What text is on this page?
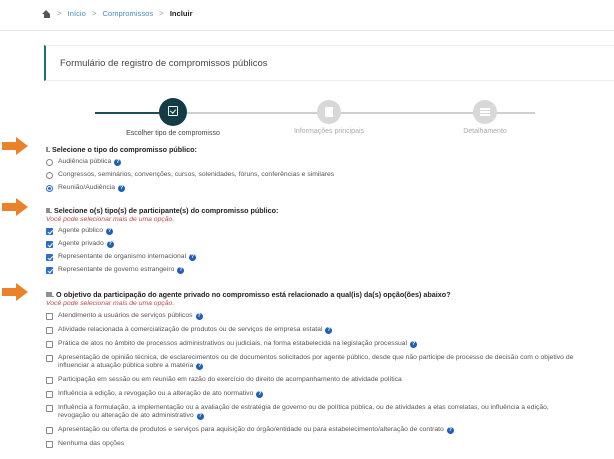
> Início > Compromissos > Incluir
Formulário de registro de compromissos públicos
Escolher tipo de compromisso	Informações principais	Detalhamento
I. Selecione o tipo do compromisso público:
Audiência pública ?
Congressos, seminários, convenções, cursos, solenidades, fóruns, conferências e similares
Reunião/Audiência ?
II. Selecione o(s) tipo(s) de participante(s) do compromisso público:
Você pode selecionar mais de uma opção.
Agente público ?
Agente privado ?
Representante de organismo internacional ?
Representante de governo estrangeiro ?
III. O objetivo da participação do agente privado no compromisso está relacionado a qual(is) da(s) opção(ões) abaixo?
Você pode selecionar mais de uma opção.
Atendimento a usuários de serviços públicos ?
Atividade relacionada à comercialização de produtos ou de serviços de empresa estatal ?
Prática de atos no âmbito de processos administrativos ou judiciais, na forma estabelecida na legislação processual ?
Apresentação de opinião técnica, de esclarecimentos ou de documentos solicitados por agente público, desde que não participe de processo de decisão com o objetivo de influenciar a atuação pública sobre a matéria ?
Participação em sessão ou em reunião em razão do exercício do direito de acompanhamento de atividade política
Influência a edição, a revogação ou a alteração de ato normativo ?
Influência a formulação, a implementação ou a avaliação de estratégia de governo ou de política pública, ou de atividades a elas correlatas, ou influência a edição, revogação ou alteração de ato administrativo ?
Apresentação ou oferta de produtos e serviços para aquisição do órgão/entidade ou para estabelecimento/alteração de contrato ?
Nenhuma das opções
